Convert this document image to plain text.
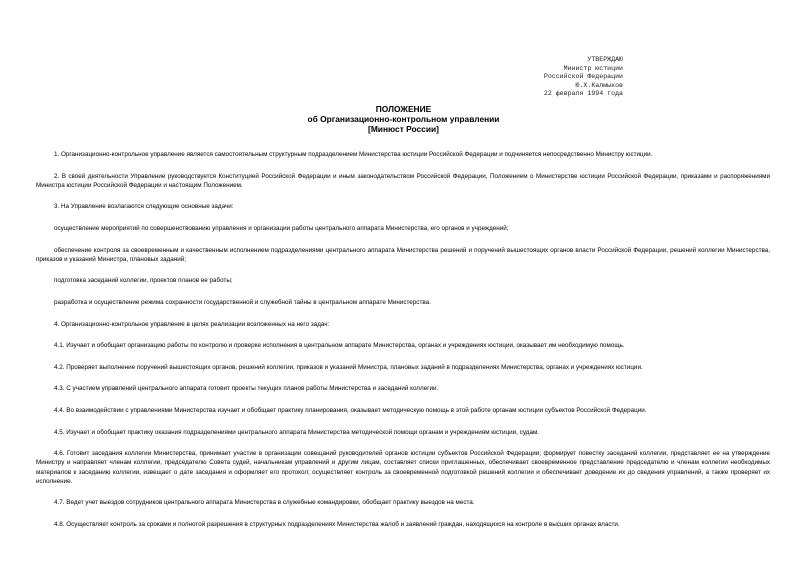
УТВЕРЖДАЮ
Министр юстиции
Российской Федерации
Ю.Х.Калмыков
22 февраля 1994 года
ПОЛОЖЕНИЕ
об Организационно-контрольном управлении
[Минюст России]

1. Организационно-контрольное управление является самостоятельным структурным подразделением Министерства юстиции Российской Федерации и подчиняется непосредственно Министру юстиции.

2. В своей деятельности Управление руководствуется Конституцией Российской Федерации и иным законодательством Российской Федерации, Положением о Министерстве юстиции Российской Федерации, приказами и распоряжениями Министра юстиции Российской Федерации и настоящим Положением.

3. На Управление возлагаются следующие основные задачи:

осуществление мероприятий по совершенствованию управления и организации работы центрального аппарата Министерства, его органов и учреждений;

обеспечение контроля за своевременным и качественным исполнением подразделениями центрального аппарата Министерства решений и поручений вышестоящих органов власти Российской Федерации, решений коллегии Министерства, приказов и указаний Министра, плановых заданий;

подготовка заседаний коллегии, проектов планов ее работы;

разработка и осуществление режима сохранности государственной и служебной тайны в центральном аппарате Министерства.

4. Организационно-контрольное управление в целях реализации возложенных на него задач:

4.1. Изучает и обобщает организацию работы по контролю и проверке исполнения в центральном аппарате Министерства, органах и учреждениях юстиции, оказывает им необходимую помощь.

4.2. Проверяет выполнение поручений вышестоящих органов, решений коллегии, приказов и указаний Министра, плановых заданий в подразделениях Министерства, органах и учреждениях юстиции.

4.3. С участием управлений центрального аппарата готовит проекты текущих планов работы Министерства и заседаний коллегии.

4.4. Во взаимодействии с управлениями Министерства изучает и обобщает практику планирования, оказывает методическую помощь в этой работе органам юстиции субъектов Российской Федерации.

4.5. Изучает и обобщает практику оказания подразделениями центрального аппарата Министерства методической помощи органам и учреждениям юстиции, судам.

4.6. Готовит заседания коллегии Министерства, принимает участие в организации совещаний руководителей органов юстиции субъектов Российской Федерации; формирует повестку заседаний коллегии, представляет ее на утверждение Министру и направляет членам коллегии, председателю Совета судей, начальникам управлений и другим лицам, составляет списки приглашенных, обеспечивает своевременное представление председателю и членам коллегии необходимых материалов к заседанию коллегии, извещает о дате заседания и оформляет его протокол; осуществляет контроль за своевременной подготовкой решений коллегии и обеспечивает доведение их до сведения управлений, а также проверяет их исполнение.

4.7. Ведет учет выездов сотрудников центрального аппарата Министерства в служебные командировки, обобщает практику выездов на места.

4.8. Осуществляет контроль за сроками и полнотой разрешения в структурных подразделениях Министерства жалоб и заявлений граждан, находящихся на контроле в высших органах власти.
